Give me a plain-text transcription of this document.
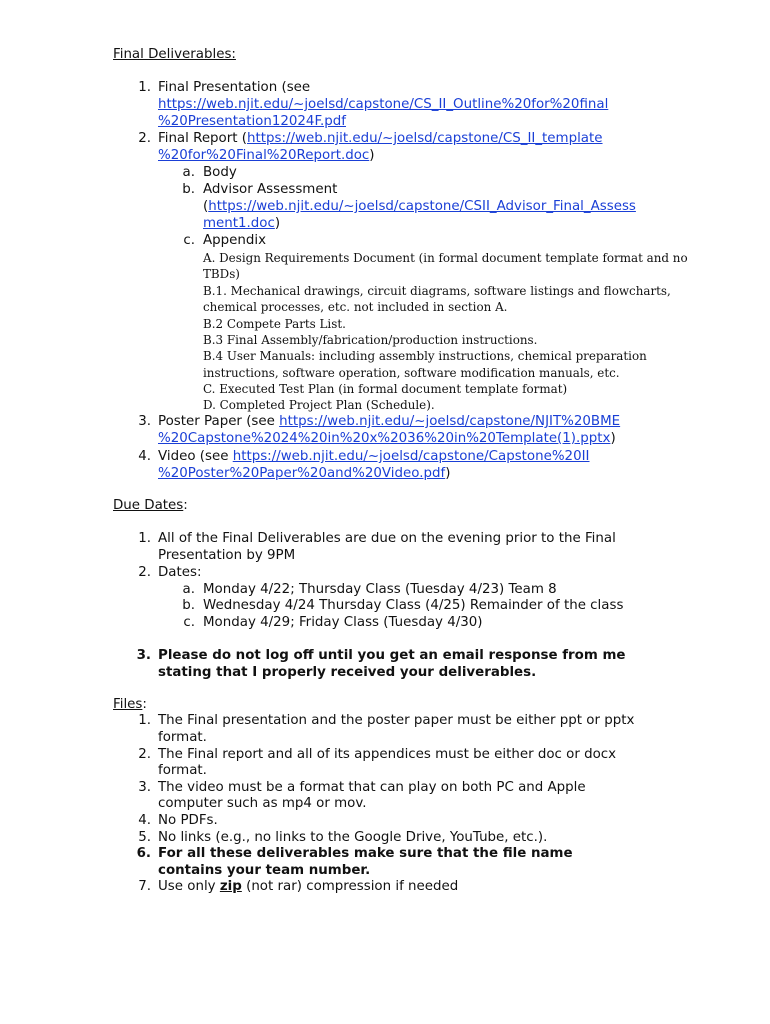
Final Deliverables:
1. Final Presentation (see
https://web.njit.edu/~joelsd/capstone/CS_II_Outline%20for%20final
%20Presentation12024F.pdf
2. Final Report (https://web.njit.edu/~joelsd/capstone/CS_II_template
%20for%20Final%20Report.doc)
a. Body
b. Advisor Assessment
(https://web.njit.edu/~joelsd/capstone/CSII_Advisor_Final_Assess
ment1.doc)
c. Appendix
A. Design Requirements Document (in formal document template format and no
TBDs)
B.1. Mechanical drawings, circuit diagrams, software listings and flowcharts,
chemical processes, etc. not included in section A.
B.2 Compete Parts List.
B.3 Final Assembly/fabrication/production instructions.
B.4 User Manuals: including assembly instructions, chemical preparation
instructions, software operation, software modification manuals, etc.
C. Executed Test Plan (in formal document template format)
D. Completed Project Plan (Schedule).
3. Poster Paper (see https://web.njit.edu/~joelsd/capstone/NJIT%20BME
%20Capstone%2024%20in%20x%2036%20in%20Template(1).pptx)
4. Video (see https://web.njit.edu/~joelsd/capstone/Capstone%20II
%20Poster%20Paper%20and%20Video.pdf)
Due Dates:
1. All of the Final Deliverables are due on the evening prior to the Final
Presentation by 9PM
2. Dates:
a. Monday 4/22; Thursday Class (Tuesday 4/23) Team 8
b. Wednesday 4/24 Thursday Class (4/25) Remainder of the class
c. Monday 4/29; Friday Class (Tuesday 4/30)
3. Please do not log off until you get an email response from me
stating that I properly received your deliverables.
Files:
1. The Final presentation and the poster paper must be either ppt or pptx
format.
2. The Final report and all of its appendices must be either doc or docx
format.
3. The video must be a format that can play on both PC and Apple
computer such as mp4 or mov.
4. No PDFs.
5. No links (e.g., no links to the Google Drive, YouTube, etc.).
6. For all these deliverables make sure that the file name
contains your team number.
7. Use only zip (not rar) compression if needed
